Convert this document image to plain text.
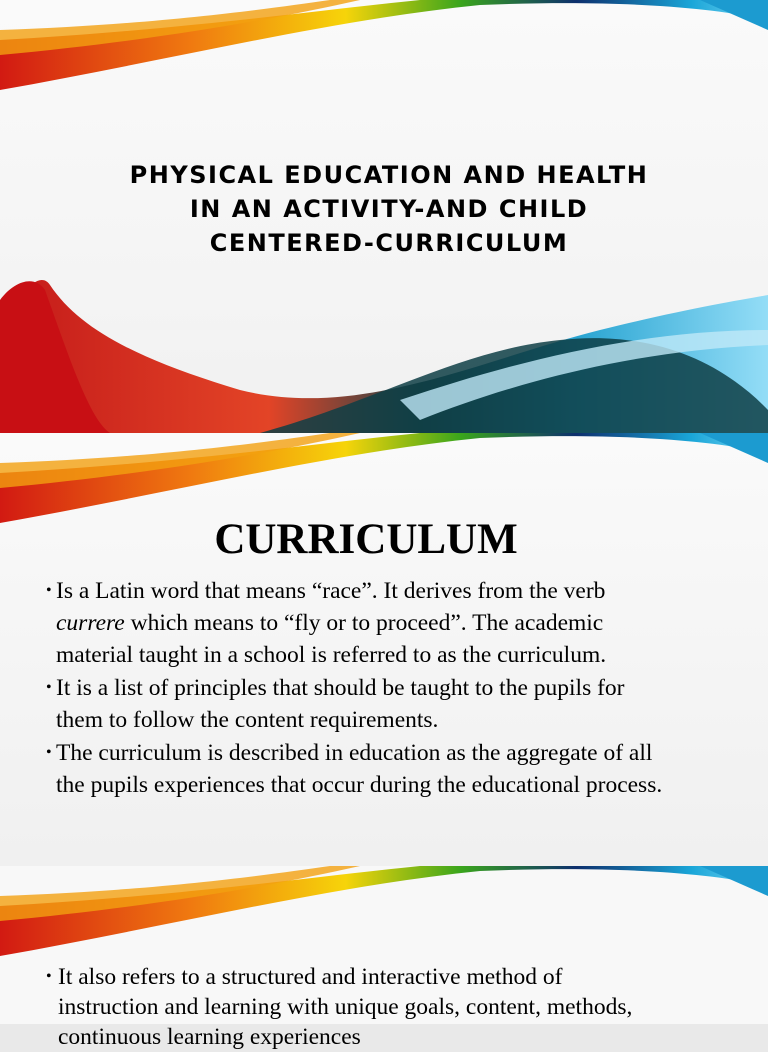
PHYSICAL EDUCATION AND HEALTH
IN AN ACTIVITY-AND CHILD
CENTERED-CURRICULUM
CURRICULUM
• Is a Latin word that means “race”. It derives from the verb
currere which means to “fly or to proceed”. The academic
material taught in a school is referred to as the curriculum.
• It is a list of principles that should be taught to the pupils for
them to follow the content requirements.
• The curriculum is described in education as the aggregate of all
the pupils experiences that occur during the educational process.
• It also refers to a structured and interactive method of
instruction and learning with unique goals, content, methods,
continuous learning experiences
